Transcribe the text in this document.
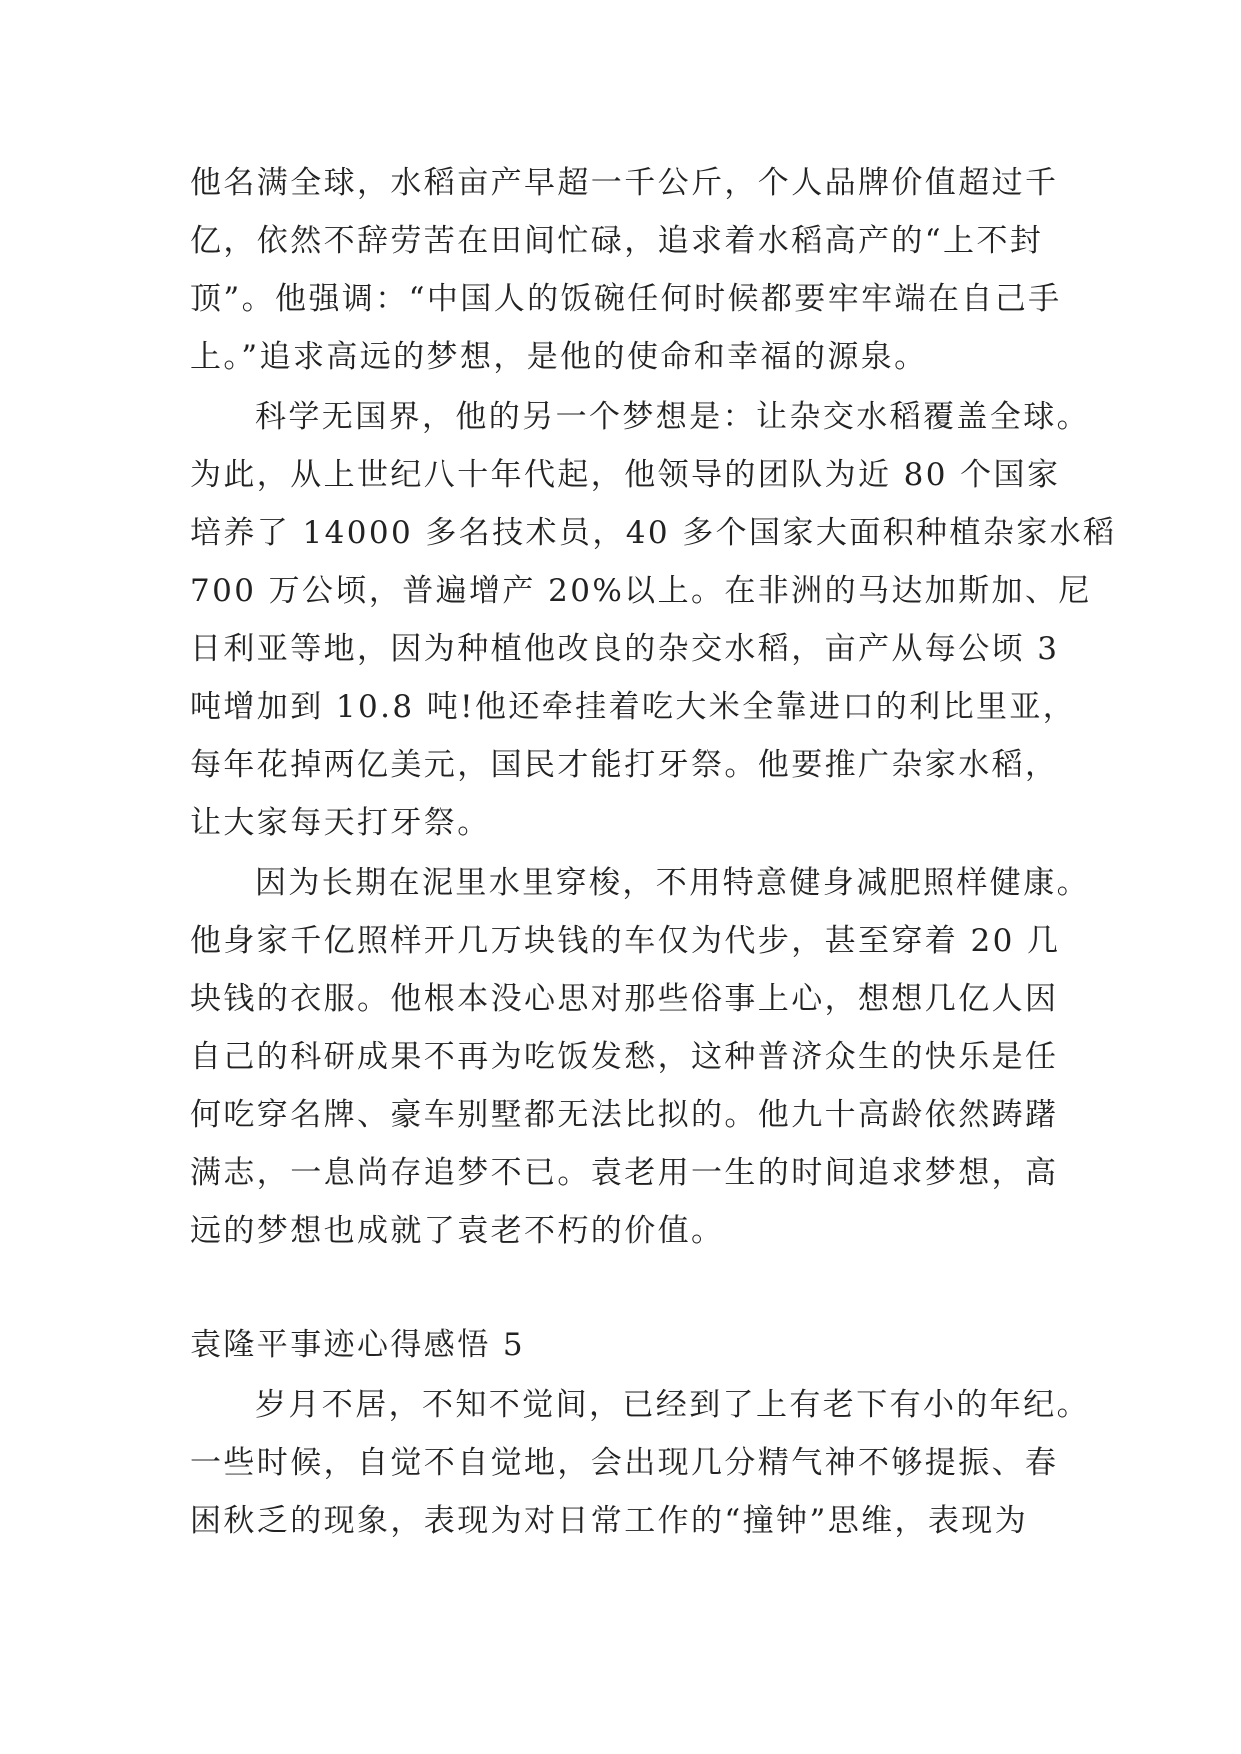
他名满全球，水稻亩产早超一千公斤，个人品牌价值超过千
亿，依然不辞劳苦在田间忙碌，追求着水稻高产的“上不封
顶”。他强调：“中国人的饭碗任何时候都要牢牢端在自己手
上。”追求高远的梦想，是他的使命和幸福的源泉。
科学无国界，他的另一个梦想是：让杂交水稻覆盖全球。
为此，从上世纪八十年代起，他领导的团队为近 80 个国家
培养了 14000 多名技术员，40 多个国家大面积种植杂家水稻
700 万公顷，普遍增产 20%以上。在非洲的马达加斯加、尼
日利亚等地，因为种植他改良的杂交水稻，亩产从每公顷 3
吨增加到 10.8 吨!他还牵挂着吃大米全靠进口的利比里亚，
每年花掉两亿美元，国民才能打牙祭。他要推广杂家水稻，
让大家每天打牙祭。
因为长期在泥里水里穿梭，不用特意健身减肥照样健康。
他身家千亿照样开几万块钱的车仅为代步，甚至穿着 20 几
块钱的衣服。他根本没心思对那些俗事上心，想想几亿人因
自己的科研成果不再为吃饭发愁，这种普济众生的快乐是任
何吃穿名牌、豪车别墅都无法比拟的。他九十高龄依然踌躇
满志，一息尚存追梦不已。袁老用一生的时间追求梦想，高
远的梦想也成就了袁老不朽的价值。
袁隆平事迹心得感悟 5
岁月不居，不知不觉间，已经到了上有老下有小的年纪。
一些时候，自觉不自觉地，会出现几分精气神不够提振、春
困秋乏的现象，表现为对日常工作的“撞钟”思维，表现为
